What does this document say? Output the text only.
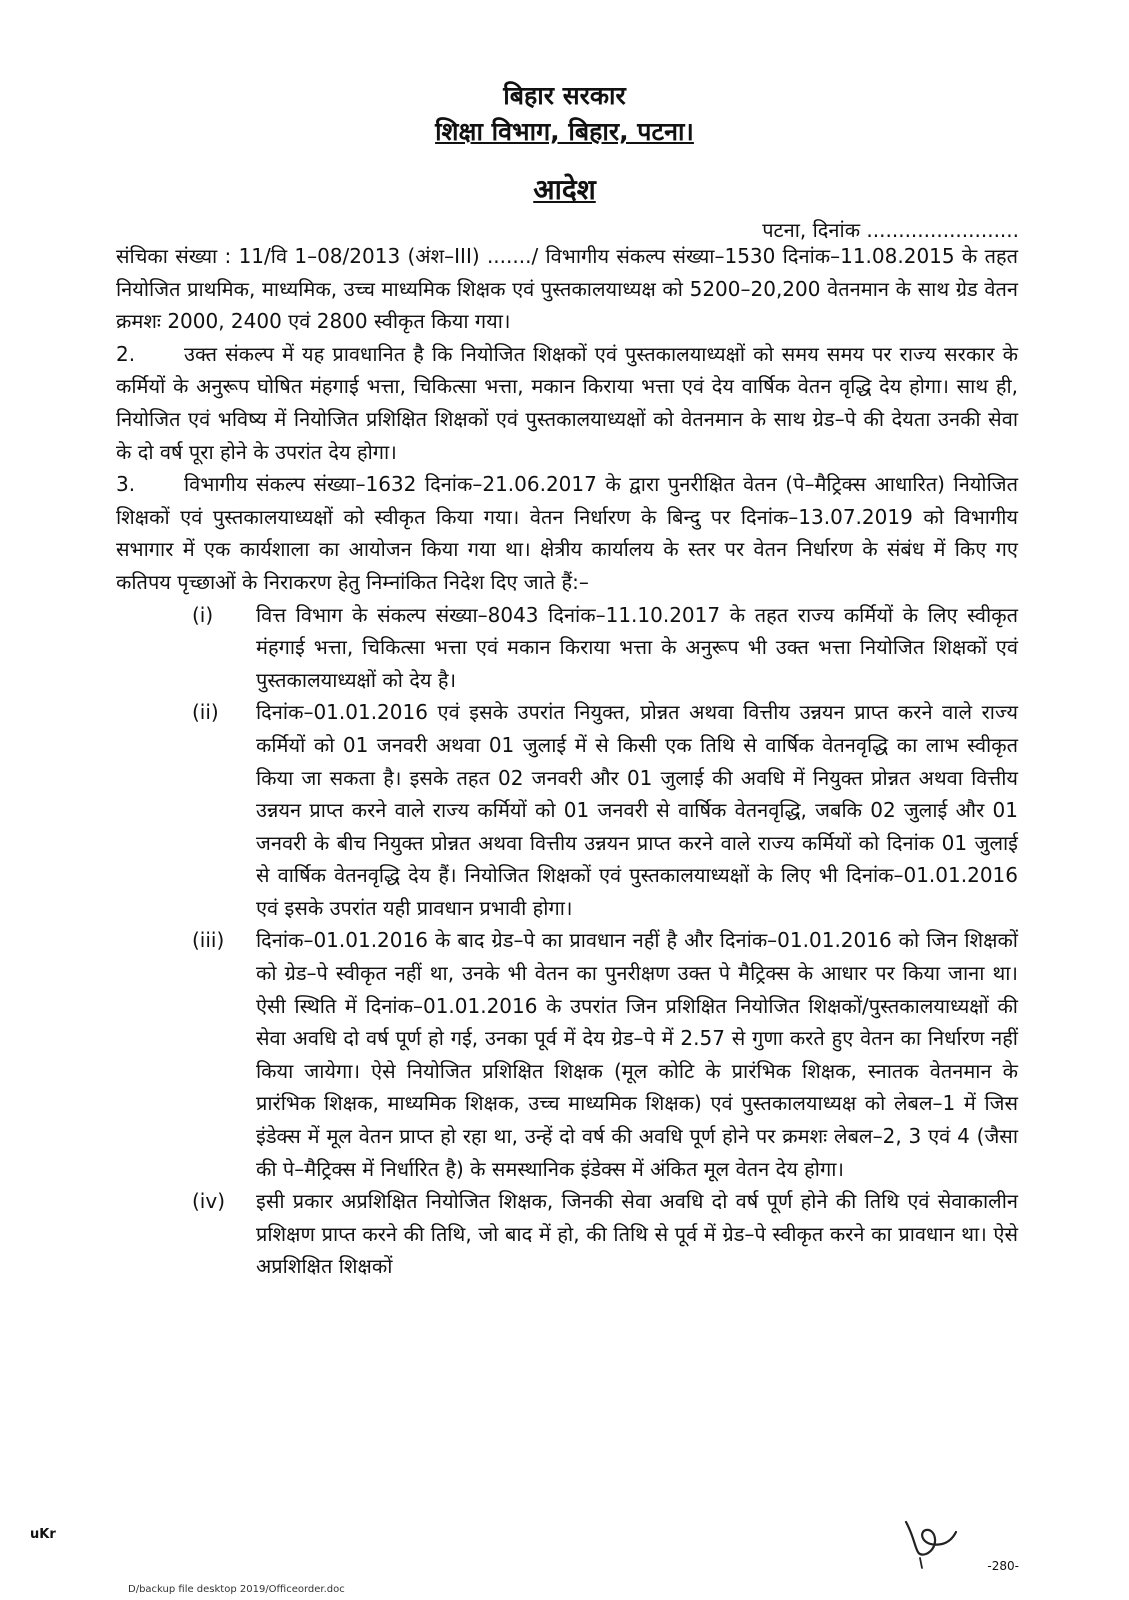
बिहार सरकार
शिक्षा विभाग, बिहार, पटना।
आदेश
पटना, दिनांक ........................

संचिका संख्या : 11/वि 1–08/2013 (अंश–III) ......./ विभागीय संकल्प संख्या–1530 दिनांक–11.08.2015 के तहत नियोजित प्राथमिक, माध्यमिक, उच्च माध्यमिक शिक्षक एवं पुस्तकालयाध्यक्ष को 5200–20,200 वेतनमान के साथ ग्रेड वेतन क्रमशः 2000, 2400 एवं 2800 स्वीकृत किया गया।

2. उक्त संकल्प में यह प्रावधानित है कि नियोजित शिक्षकों एवं पुस्तकालयाध्यक्षों को समय समय पर राज्य सरकार के कर्मियों के अनुरूप घोषित मंहगाई भत्ता, चिकित्सा भत्ता, मकान किराया भत्ता एवं देय वार्षिक वेतन वृद्धि देय होगा। साथ ही, नियोजित एवं भविष्य में नियोजित प्रशिक्षित शिक्षकों एवं पुस्तकालयाध्यक्षों को वेतनमान के साथ ग्रेड–पे की देयता उनकी सेवा के दो वर्ष पूरा होने के उपरांत देय होगा।

3. विभागीय संकल्प संख्या–1632 दिनांक–21.06.2017 के द्वारा पुनरीक्षित वेतन (पे–मैट्रिक्स आधारित) नियोजित शिक्षकों एवं पुस्तकालयाध्यक्षों को स्वीकृत किया गया। वेतन निर्धारण के बिन्दु पर दिनांक–13.07.2019 को विभागीय सभागार में एक कार्यशाला का आयोजन किया गया था। क्षेत्रीय कार्यालय के स्तर पर वेतन निर्धारण के संबंध में किए गए कतिपय पृच्छाओं के निराकरण हेतु निम्नांकित निदेश दिए जाते हैं:–

(i)	वित्त विभाग के संकल्प संख्या–8043 दिनांक–11.10.2017 के तहत राज्य कर्मियों के लिए स्वीकृत मंहगाई भत्ता, चिकित्सा भत्ता एवं मकान किराया भत्ता के अनुरूप भी उक्त भत्ता नियोजित शिक्षकों एवं पुस्तकालयाध्यक्षों को देय है।
(ii)	दिनांक–01.01.2016 एवं इसके उपरांत नियुक्त, प्रोन्नत अथवा वित्तीय उन्नयन प्राप्त करने वाले राज्य कर्मियों को 01 जनवरी अथवा 01 जुलाई में से किसी एक तिथि से वार्षिक वेतनवृद्धि का लाभ स्वीकृत किया जा सकता है। इसके तहत 02 जनवरी और 01 जुलाई की अवधि में नियुक्त प्रोन्नत अथवा वित्तीय उन्नयन प्राप्त करने वाले राज्य कर्मियों को 01 जनवरी से वार्षिक वेतनवृद्धि, जबकि 02 जुलाई और 01 जनवरी के बीच नियुक्त प्रोन्नत अथवा वित्तीय उन्नयन प्राप्त करने वाले राज्य कर्मियों को दिनांक 01 जुलाई से वार्षिक वेतनवृद्धि देय हैं। नियोजित शिक्षकों एवं पुस्तकालयाध्यक्षों के लिए भी दिनांक–01.01.2016 एवं इसके उपरांत यही प्रावधान प्रभावी होगा।
(iii)	दिनांक–01.01.2016 के बाद ग्रेड–पे का प्रावधान नहीं है और दिनांक–01.01.2016 को जिन शिक्षकों को ग्रेड–पे स्वीकृत नहीं था, उनके भी वेतन का पुनरीक्षण उक्त पे मैट्रिक्स के आधार पर किया जाना था। ऐसी स्थिति में दिनांक–01.01.2016 के उपरांत जिन प्रशिक्षित नियोजित शिक्षकों/पुस्तकालयाध्यक्षों की सेवा अवधि दो वर्ष पूर्ण हो गई, उनका पूर्व में देय ग्रेड–पे में 2.57 से गुणा करते हुए वेतन का निर्धारण नहीं किया जायेगा। ऐसे नियोजित प्रशिक्षित शिक्षक (मूल कोटि के प्रारंभिक शिक्षक, स्नातक वेतनमान के प्रारंभिक शिक्षक, माध्यमिक शिक्षक, उच्च माध्यमिक शिक्षक) एवं पुस्तकालयाध्यक्ष को लेबल–1 में जिस इंडेक्स में मूल वेतन प्राप्त हो रहा था, उन्हें दो वर्ष की अवधि पूर्ण होने पर क्रमशः लेबल–2, 3 एवं 4 (जैसा की पे–मैट्रिक्स में निर्धारित है) के समस्थानिक इंडेक्स में अंकित मूल वेतन देय होगा।
(iv)	इसी प्रकार अप्रशिक्षित नियोजित शिक्षक, जिनकी सेवा अवधि दो वर्ष पूर्ण होने की तिथि एवं सेवाकालीन प्रशिक्षण प्राप्त करने की तिथि, जो बाद में हो, की तिथि से पूर्व में ग्रेड–पे स्वीकृत करने का प्रावधान था। ऐसे अप्रशिक्षित शिक्षकों
uKr
-280-
D/backup file desktop 2019/Officeorder.doc
